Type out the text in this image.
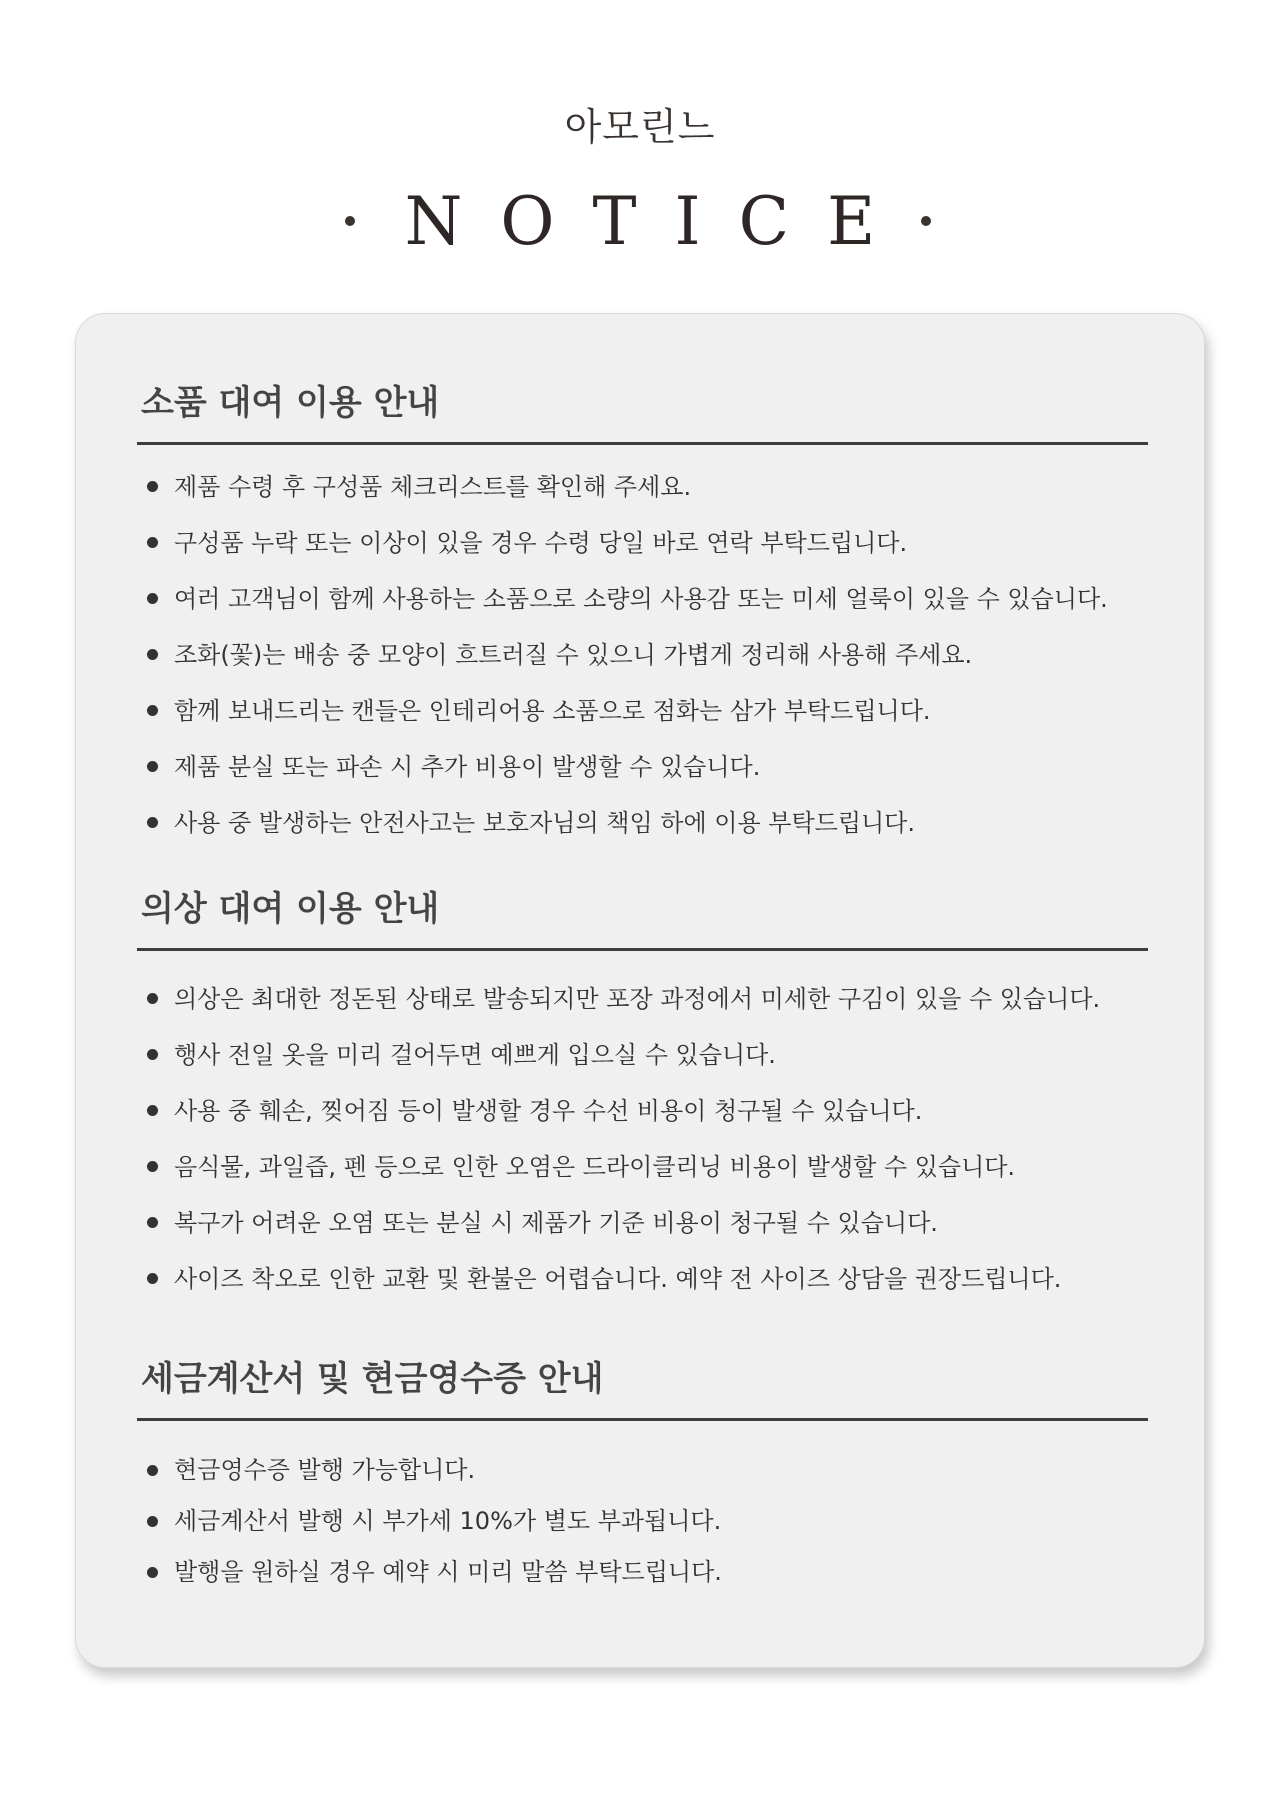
아모린느
NOTICE
소품 대여 이용 안내
제품 수령 후 구성품 체크리스트를 확인해 주세요.
구성품 누락 또는 이상이 있을 경우 수령 당일 바로 연락 부탁드립니다.
여러 고객님이 함께 사용하는 소품으로 소량의 사용감 또는 미세 얼룩이 있을 수 있습니다.
조화(꽃)는 배송 중 모양이 흐트러질 수 있으니 가볍게 정리해 사용해 주세요.
함께 보내드리는 캔들은 인테리어용 소품으로 점화는 삼가 부탁드립니다.
제품 분실 또는 파손 시 추가 비용이 발생할 수 있습니다.
사용 중 발생하는 안전사고는 보호자님의 책임 하에 이용 부탁드립니다.
의상 대여 이용 안내
의상은 최대한 정돈된 상태로 발송되지만 포장 과정에서 미세한 구김이 있을 수 있습니다.
행사 전일 옷을 미리 걸어두면 예쁘게 입으실 수 있습니다.
사용 중 훼손, 찢어짐 등이 발생할 경우 수선 비용이 청구될 수 있습니다.
음식물, 과일즙, 펜 등으로 인한 오염은 드라이클리닝 비용이 발생할 수 있습니다.
복구가 어려운 오염 또는 분실 시 제품가 기준 비용이 청구될 수 있습니다.
사이즈 착오로 인한 교환 및 환불은 어렵습니다. 예약 전 사이즈 상담을 권장드립니다.
세금계산서 및 현금영수증 안내
현금영수증 발행 가능합니다.
세금계산서 발행 시 부가세 10%가 별도 부과됩니다.
발행을 원하실 경우 예약 시 미리 말씀 부탁드립니다.
